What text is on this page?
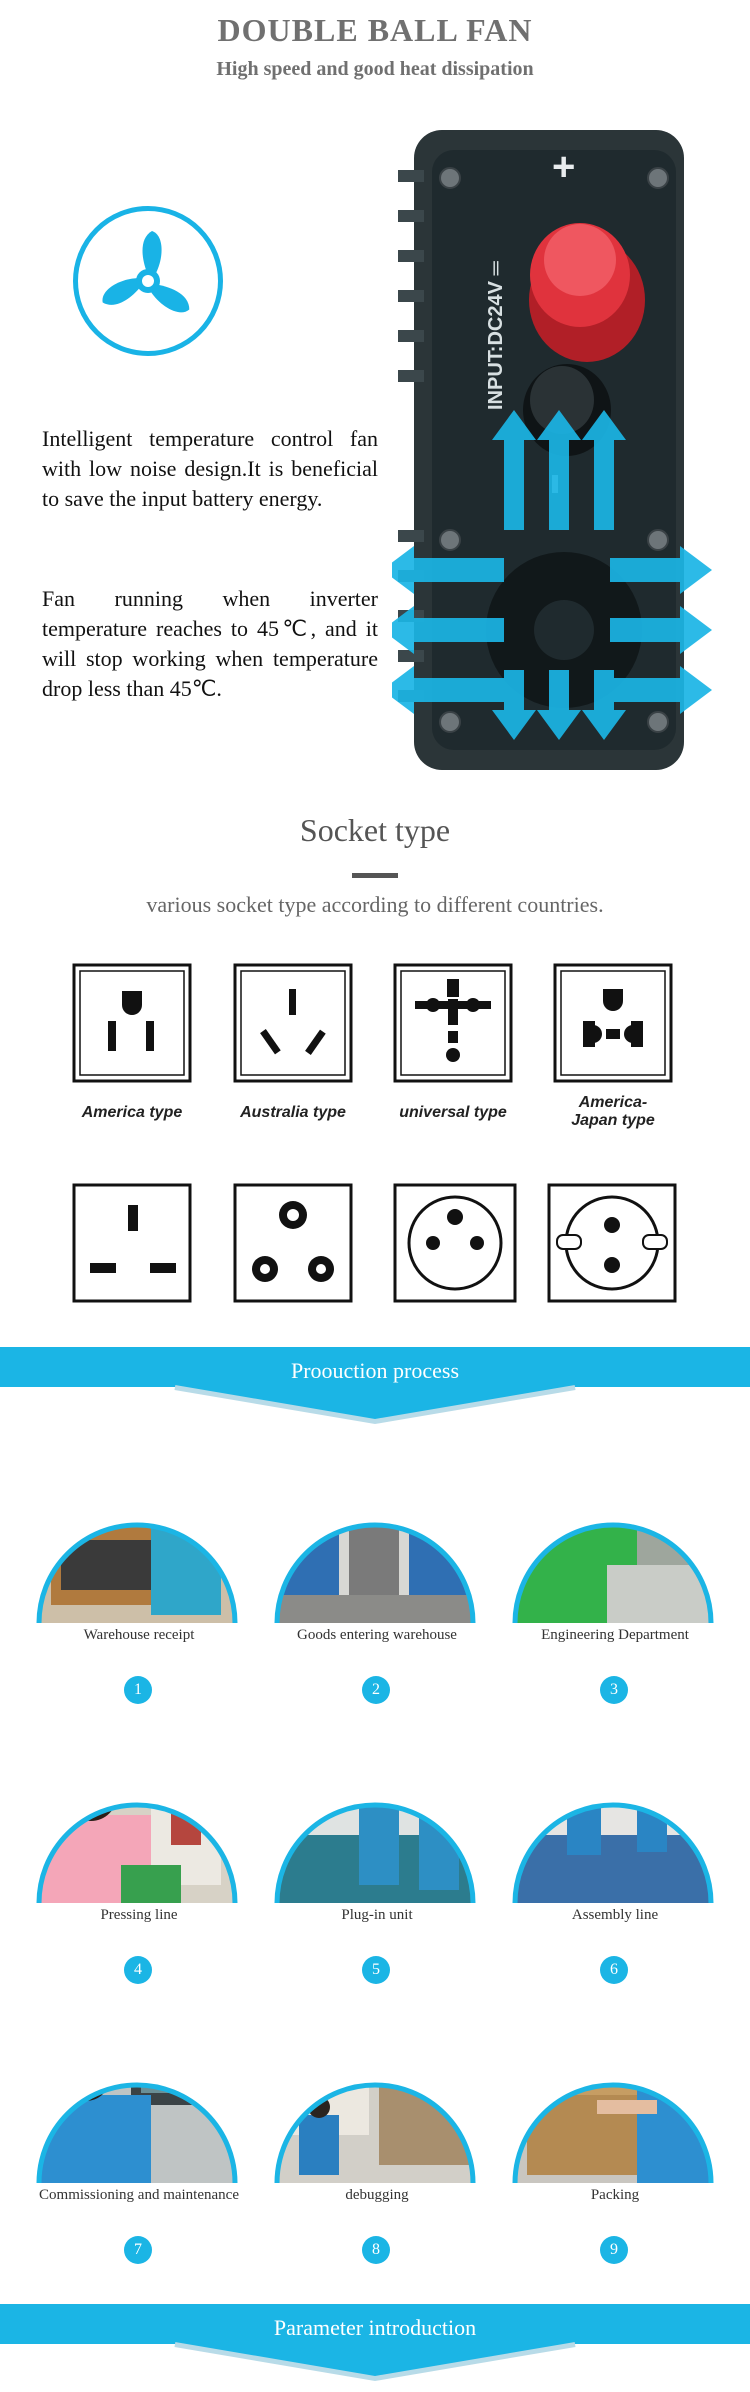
DOUBLE BALL FAN
High speed and good heat dissipation
Intelligent temperature control fan with low noise design.It is beneficial to save the input battery energy.
Fan running when inverter temperature reaches to 45℃, and it will stop working when temperature drop less than 45℃.
INPUT:DC24V ═
+
Socket type
various socket type according to different countries.
America type	Australia type	universal type
America-
Japan type
Proouction process
Warehouse receipt	Goods entering warehouse	Engineering Department
1	2	3
Pressing line	Plug-in unit	Assembly line
4	5	6
Commissioning and maintenance	debugging	Packing
7	8	9
Parameter introduction
